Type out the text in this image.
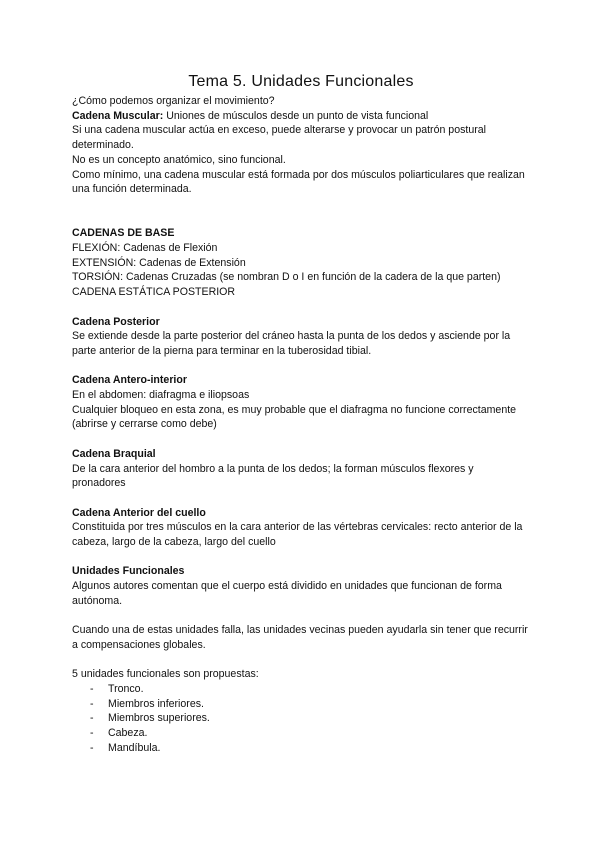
Tema 5. Unidades Funcionales

¿Cómo podemos organizar el movimiento?

Cadena Muscular: Uniones de músculos desde un punto de vista funcional

Si una cadena muscular actúa en exceso, puede alterarse y provocar un patrón postural determinado.

No es un concepto anatómico, sino funcional.

Como mínimo, una cadena muscular está formada por dos músculos poliarticulares que realizan una función determinada.

CADENAS DE BASE

FLEXIÓN: Cadenas de Flexión

EXTENSIÓN: Cadenas de Extensión

TORSIÓN: Cadenas Cruzadas (se nombran D o I en función de la cadera de la que parten)

CADENA ESTÁTICA POSTERIOR

Cadena Posterior

Se extiende desde la parte posterior del cráneo hasta la punta de los dedos y asciende por la parte anterior de la pierna para terminar en la tuberosidad tibial.

Cadena Antero-interior

En el abdomen: diafragma e iliopsoas

Cualquier bloqueo en esta zona, es muy probable que el diafragma no funcione correctamente (abrirse y cerrarse como debe)

Cadena Braquial

De la cara anterior del hombro a la punta de los dedos; la forman músculos flexores y pronadores

Cadena Anterior del cuello

Constituida por tres músculos en la cara anterior de las vértebras cervicales: recto anterior de la cabeza, largo de la cabeza, largo del cuello

Unidades Funcionales

Algunos autores comentan que el cuerpo está dividido en unidades que funcionan de forma autónoma.

Cuando una de estas unidades falla, las unidades vecinas pueden ayudarla sin tener que recurrir a compensaciones globales.

5 unidades funcionales son propuestas:

- Tronco.
- Miembros inferiores.
- Miembros superiores.
- Cabeza.
- Mandíbula.
